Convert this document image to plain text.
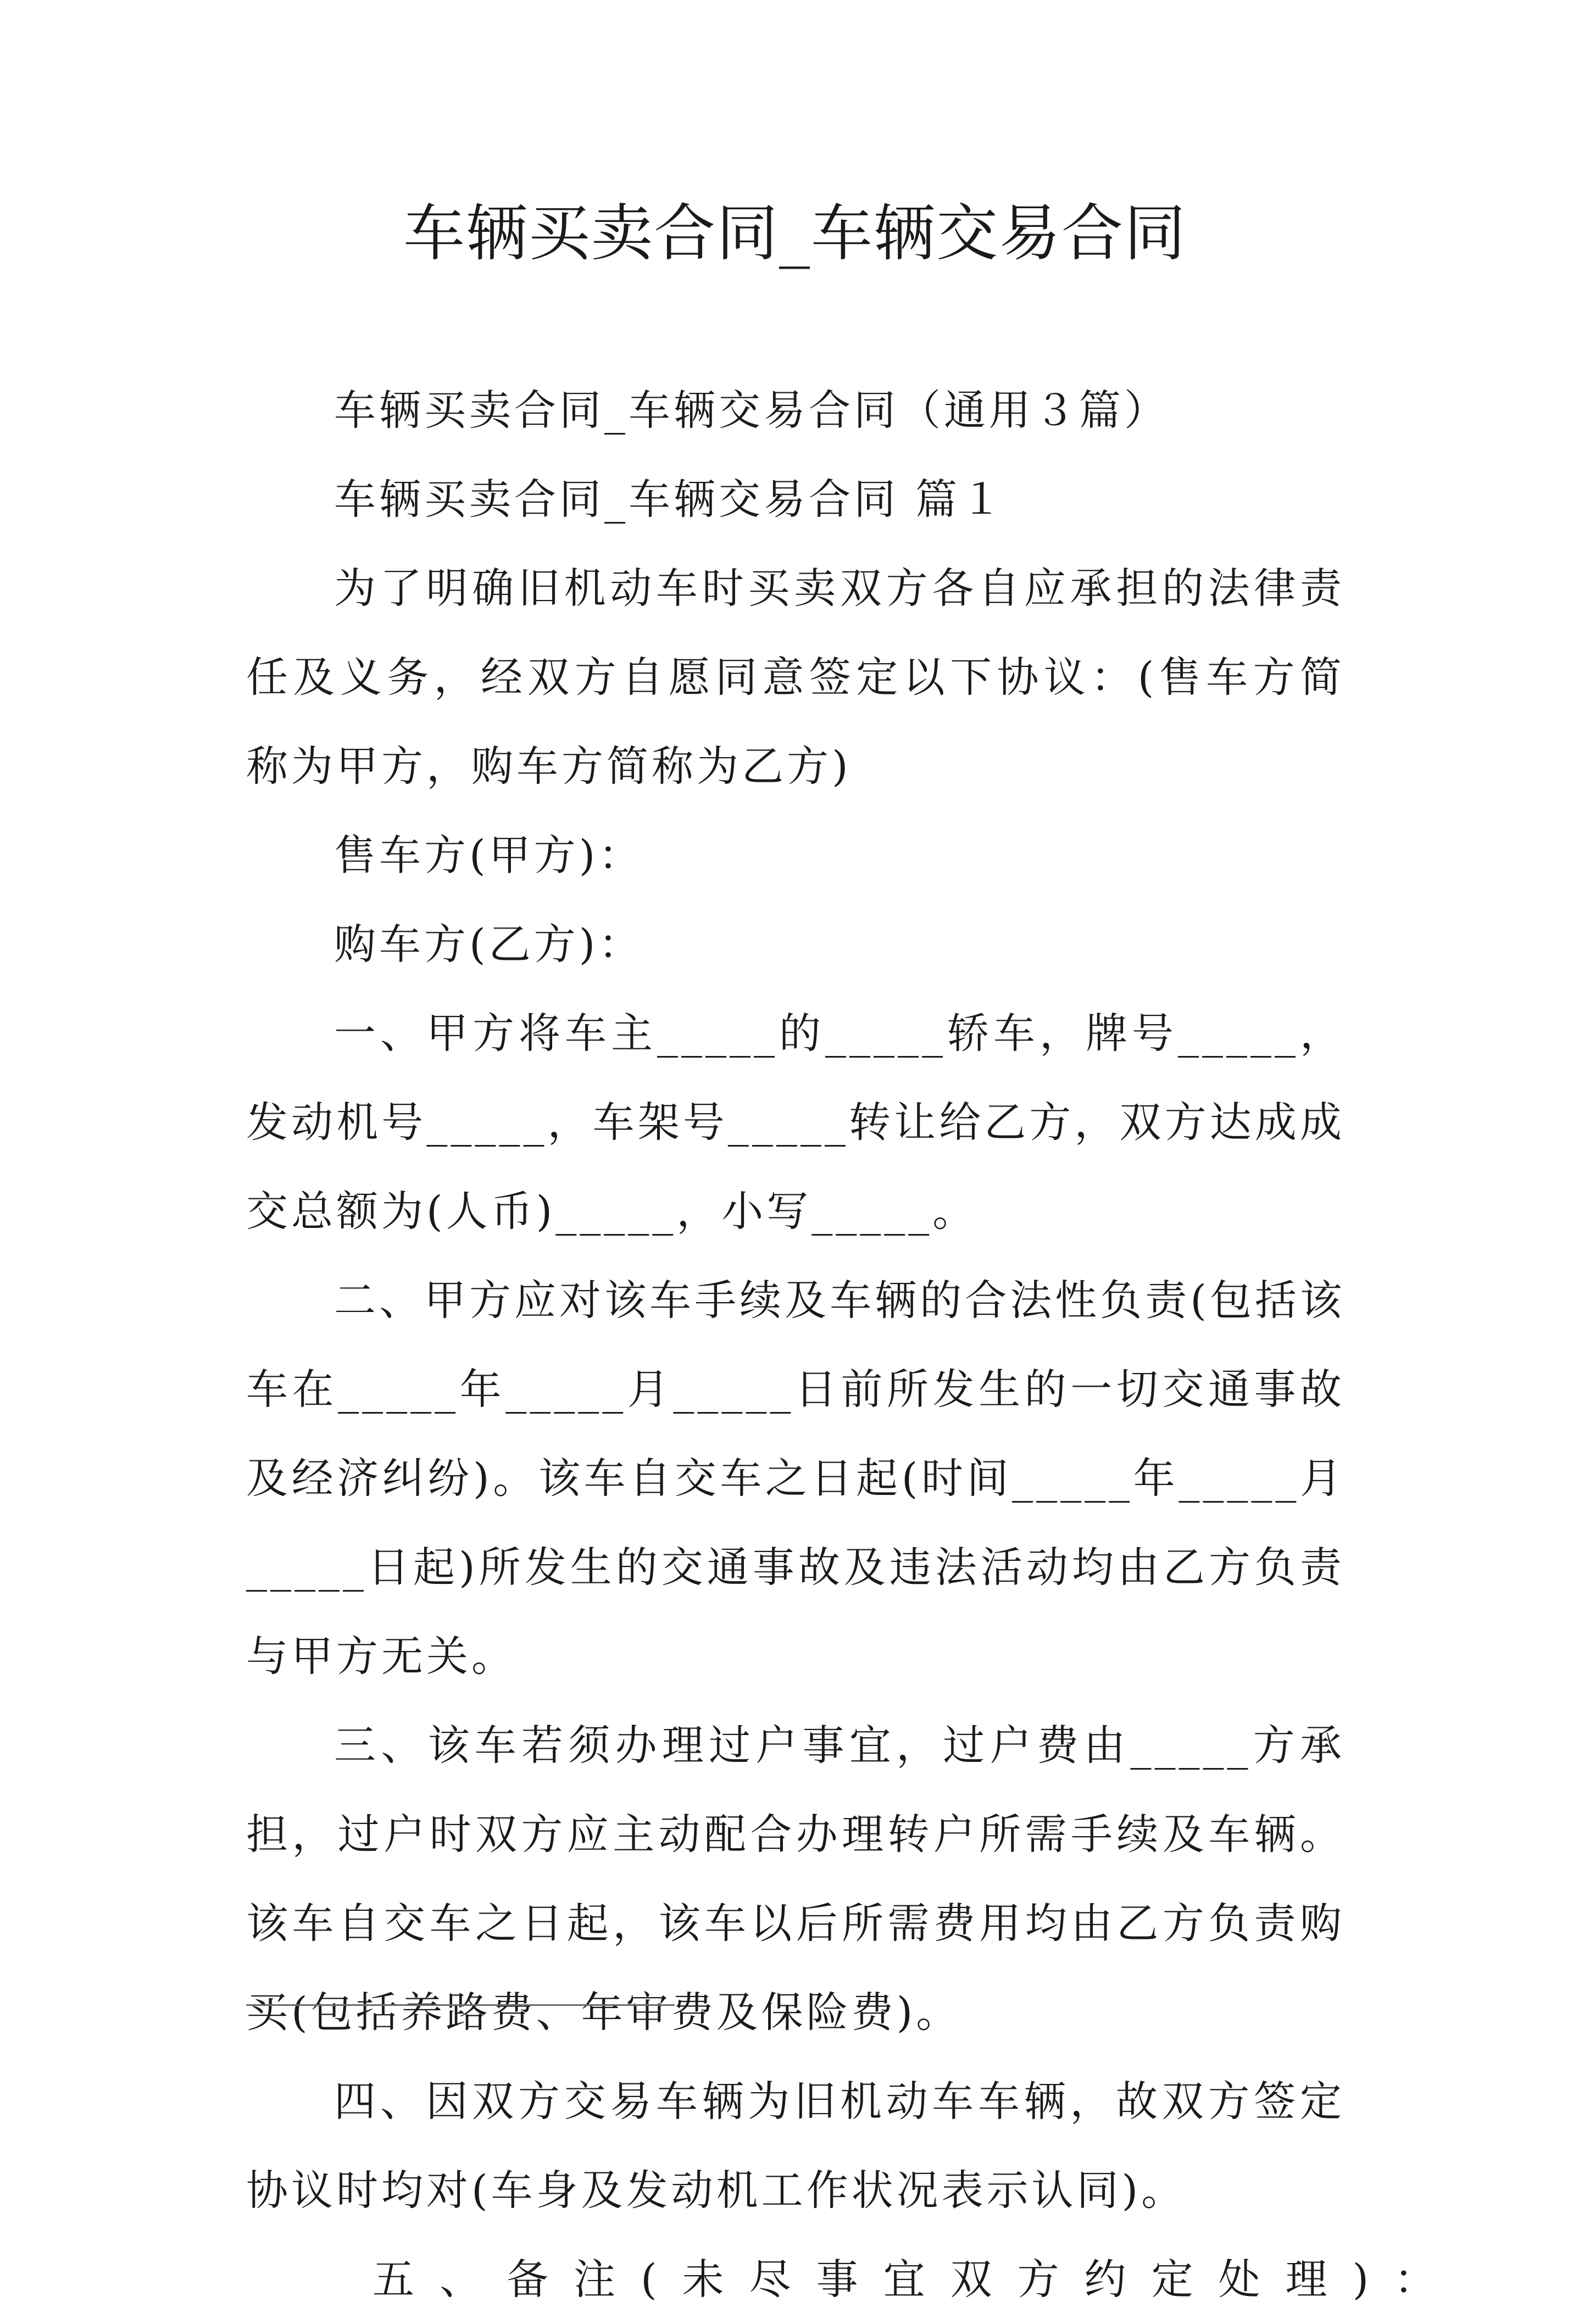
车辆买卖合同_车辆交易合同

车辆买卖合同_车辆交易合同（通用３篇）

车辆买卖合同_车辆交易合同 篇１

为了明确旧机动车时买卖双方各自应承担的法律责任及义务，经双方自愿同意签定以下协议：(售车方简称为甲方，购车方简称为乙方)

售车方(甲方)：

购车方(乙方)：

一、甲方将车主_____的_____轿车，牌号_____，发动机号_____，车架号_____转让给乙方，双方达成成交总额为(人币)_____，小写_____。

二、甲方应对该车手续及车辆的合法性负责(包括该车在_____年_____月_____日前所发生的一切交通事故及经济纠纷)。该车自交车之日起(时间_____年_____月_____日起)所发生的交通事故及违法活动均由乙方负责与甲方无关。

三、该车若须办理过户事宜，过户费由_____方承担，过户时双方应主动配合办理转户所需手续及车辆。该车自交车之日起，该车以后所需费用均由乙方负责购买(包括养路费、年审费及保险费)。

四、因双方交易车辆为旧机动车车辆，故双方签定协议时均对(车身及发动机工作状况表示认同)。

五、备注(未尽事宜双方约定处理)：
